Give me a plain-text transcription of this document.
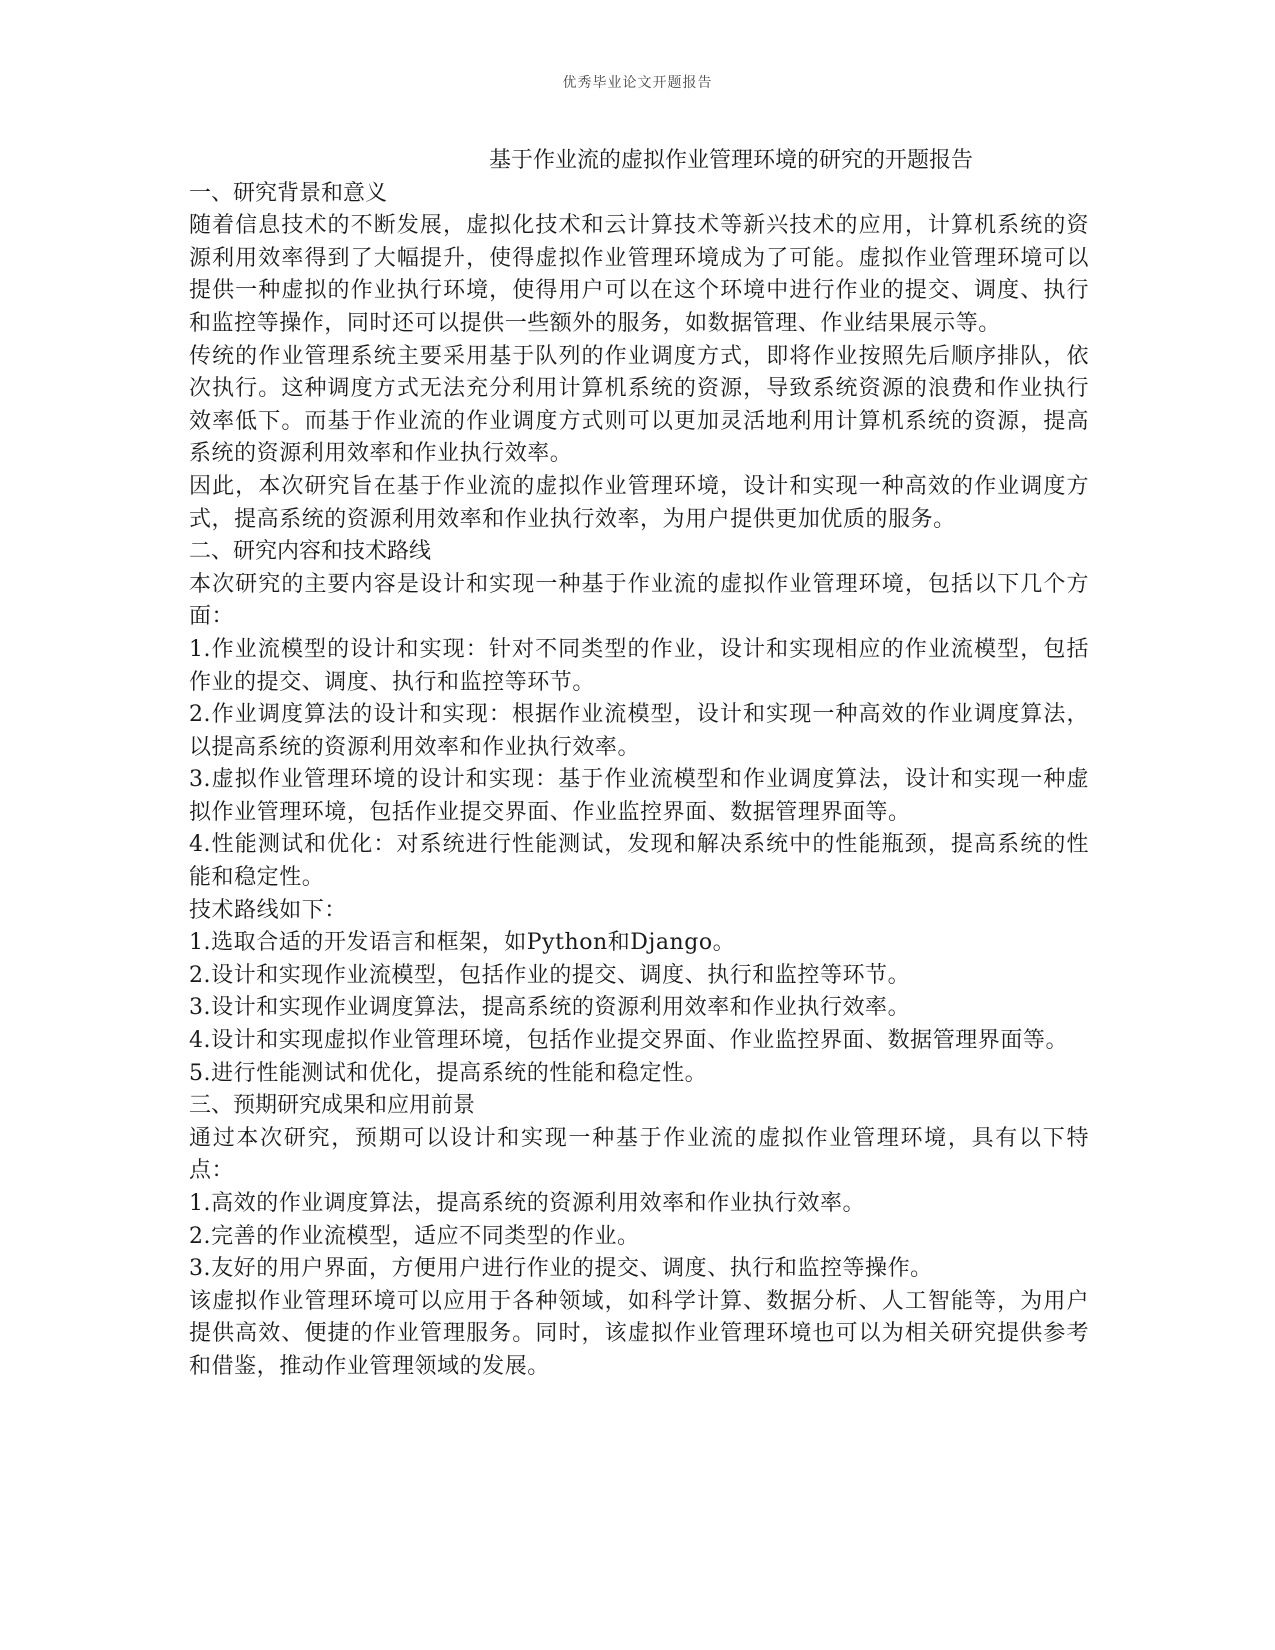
优秀毕业论文开题报告
基于作业流的虚拟作业管理环境的研究的开题报告
一、研究背景和意义

随着信息技术的不断发展，虚拟化技术和云计算技术等新兴技术的应用，计算机系统的资源利用效率得到了大幅提升，使得虚拟作业管理环境成为了可能。虚拟作业管理环境可以提供一种虚拟的作业执行环境，使得用户可以在这个环境中进行作业的提交、调度、执行和监控等操作，同时还可以提供一些额外的服务，如数据管理、作业结果展示等。

传统的作业管理系统主要采用基于队列的作业调度方式，即将作业按照先后顺序排队，依次执行。这种调度方式无法充分利用计算机系统的资源，导致系统资源的浪费和作业执行效率低下。而基于作业流的作业调度方式则可以更加灵活地利用计算机系统的资源，提高系统的资源利用效率和作业执行效率。

因此，本次研究旨在基于作业流的虚拟作业管理环境，设计和实现一种高效的作业调度方式，提高系统的资源利用效率和作业执行效率，为用户提供更加优质的服务。

二、研究内容和技术路线

本次研究的主要内容是设计和实现一种基于作业流的虚拟作业管理环境，包括以下几个方面：

1.作业流模型的设计和实现：针对不同类型的作业，设计和实现相应的作业流模型，包括作业的提交、调度、执行和监控等环节。

2.作业调度算法的设计和实现：根据作业流模型，设计和实现一种高效的作业调度算法，以提高系统的资源利用效率和作业执行效率。

3.虚拟作业管理环境的设计和实现：基于作业流模型和作业调度算法，设计和实现一种虚拟作业管理环境，包括作业提交界面、作业监控界面、数据管理界面等。

4.性能测试和优化：对系统进行性能测试，发现和解决系统中的性能瓶颈，提高系统的性能和稳定性。

技术路线如下：

1.选取合适的开发语言和框架，如Python和Django。

2.设计和实现作业流模型，包括作业的提交、调度、执行和监控等环节。

3.设计和实现作业调度算法，提高系统的资源利用效率和作业执行效率。

4.设计和实现虚拟作业管理环境，包括作业提交界面、作业监控界面、数据管理界面等。

5.进行性能测试和优化，提高系统的性能和稳定性。

三、预期研究成果和应用前景

通过本次研究，预期可以设计和实现一种基于作业流的虚拟作业管理环境，具有以下特点：

1.高效的作业调度算法，提高系统的资源利用效率和作业执行效率。

2.完善的作业流模型，适应不同类型的作业。

3.友好的用户界面，方便用户进行作业的提交、调度、执行和监控等操作。

该虚拟作业管理环境可以应用于各种领域，如科学计算、数据分析、人工智能等，为用户提供高效、便捷的作业管理服务。同时，该虚拟作业管理环境也可以为相关研究提供参考和借鉴，推动作业管理领域的发展。
